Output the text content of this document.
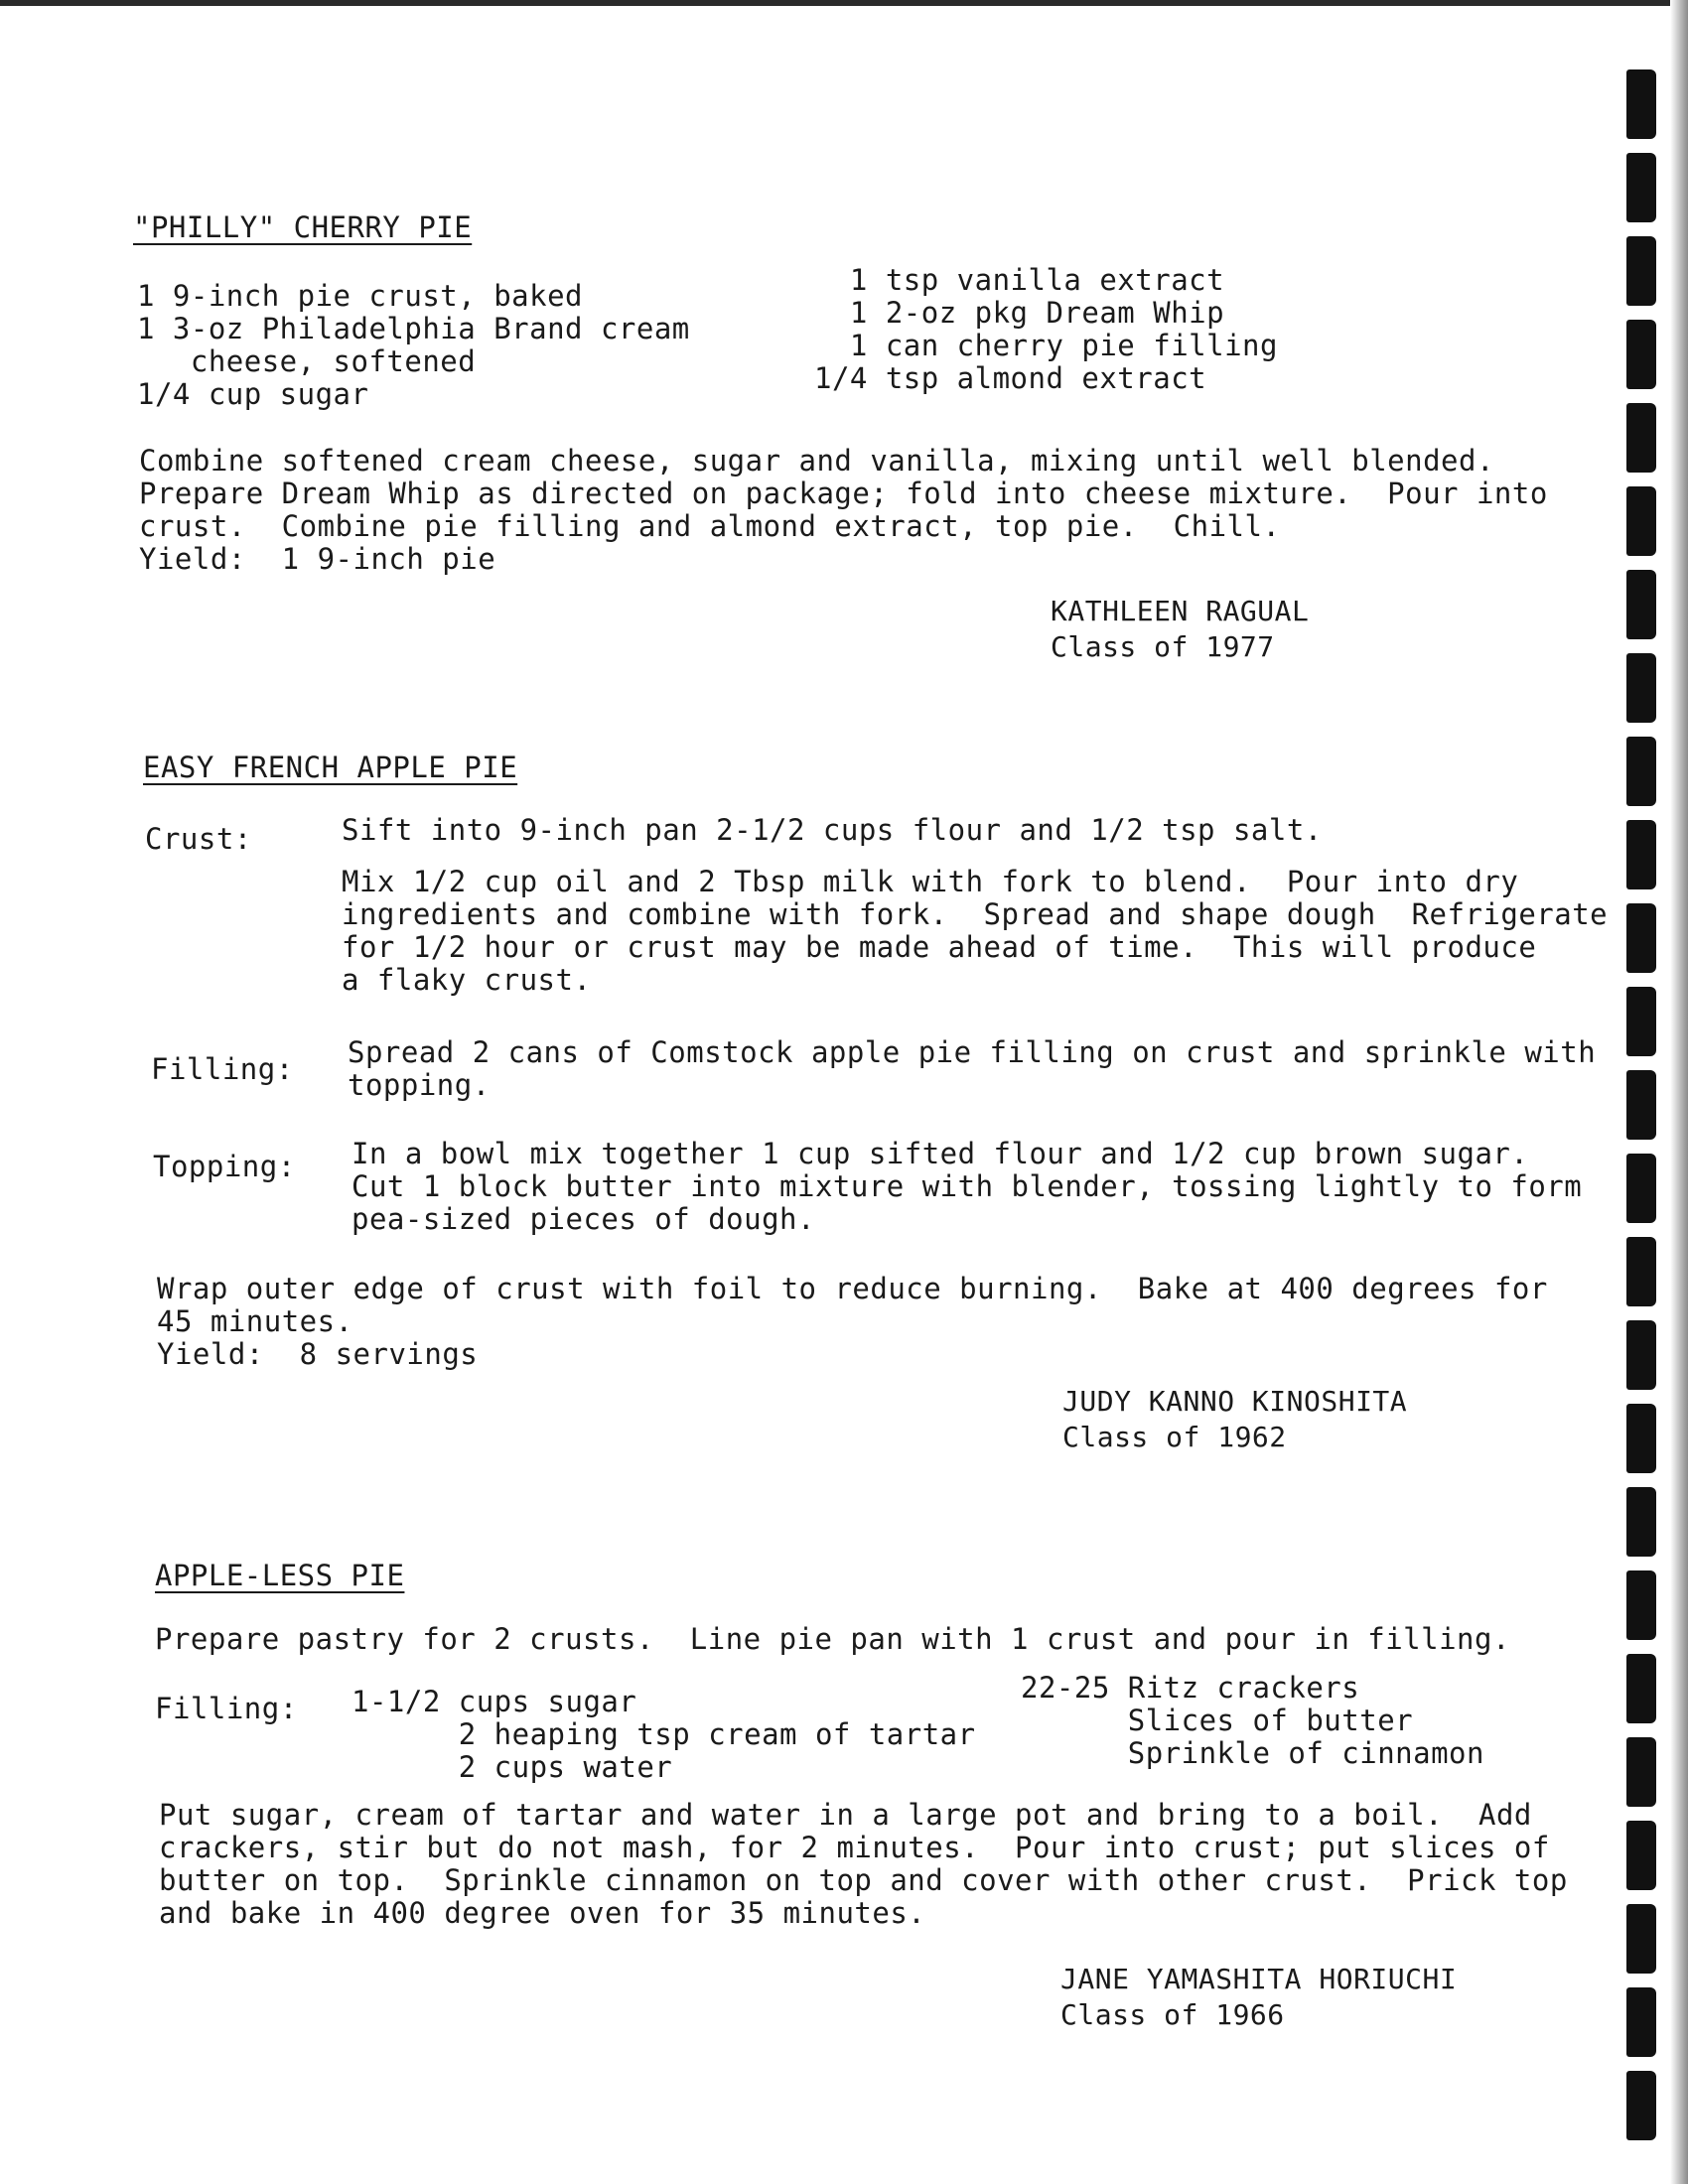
"PHILLY" CHERRY PIE
1 9-inch pie crust, baked
1 3-oz Philadelphia Brand cream
cheese, softened
1/4 cup sugar
1 tsp vanilla extract
1 2-oz pkg Dream Whip
1 can cherry pie filling
1/4 tsp almond extract
Combine softened cream cheese, sugar and vanilla, mixing until well blended.
Prepare Dream Whip as directed on package; fold into cheese mixture.  Pour into
crust.  Combine pie filling and almond extract, top pie.  Chill.
Yield:  1 9-inch pie
KATHLEEN RAGUAL
Class of 1977
EASY FRENCH APPLE PIE
Crust:	Sift into 9-inch pan 2-1/2 cups flour and 1/2 tsp salt.
Mix 1/2 cup oil and 2 Tbsp milk with fork to blend.  Pour into dry
ingredients and combine with fork.  Spread and shape dough  Refrigerate
for 1/2 hour or crust may be made ahead of time.  This will produce
a flaky crust.
Filling: Spread 2 cans of Comstock apple pie filling on crust and sprinkle with
topping.
Topping: In a bowl mix together 1 cup sifted flour and 1/2 cup brown sugar.
Cut 1 block butter into mixture with blender, tossing lightly to form
pea-sized pieces of dough.
Wrap outer edge of crust with foil to reduce burning.  Bake at 400 degrees for
45 minutes.
Yield:  8 servings
JUDY KANNO KINOSHITA
Class of 1962
APPLE-LESS PIE
Prepare pastry for 2 crusts.  Line pie pan with 1 crust and pour in filling.
Filling: 1-1/2 cups sugar
2 heaping tsp cream of tartar
2 cups water
22-25 Ritz crackers
Slices of butter
Sprinkle of cinnamon
Put sugar, cream of tartar and water in a large pot and bring to a boil.  Add
crackers, stir but do not mash, for 2 minutes.  Pour into crust; put slices of
butter on top.  Sprinkle cinnamon on top and cover with other crust.  Prick top
and bake in 400 degree oven for 35 minutes.
JANE YAMASHITA HORIUCHI
Class of 1966
